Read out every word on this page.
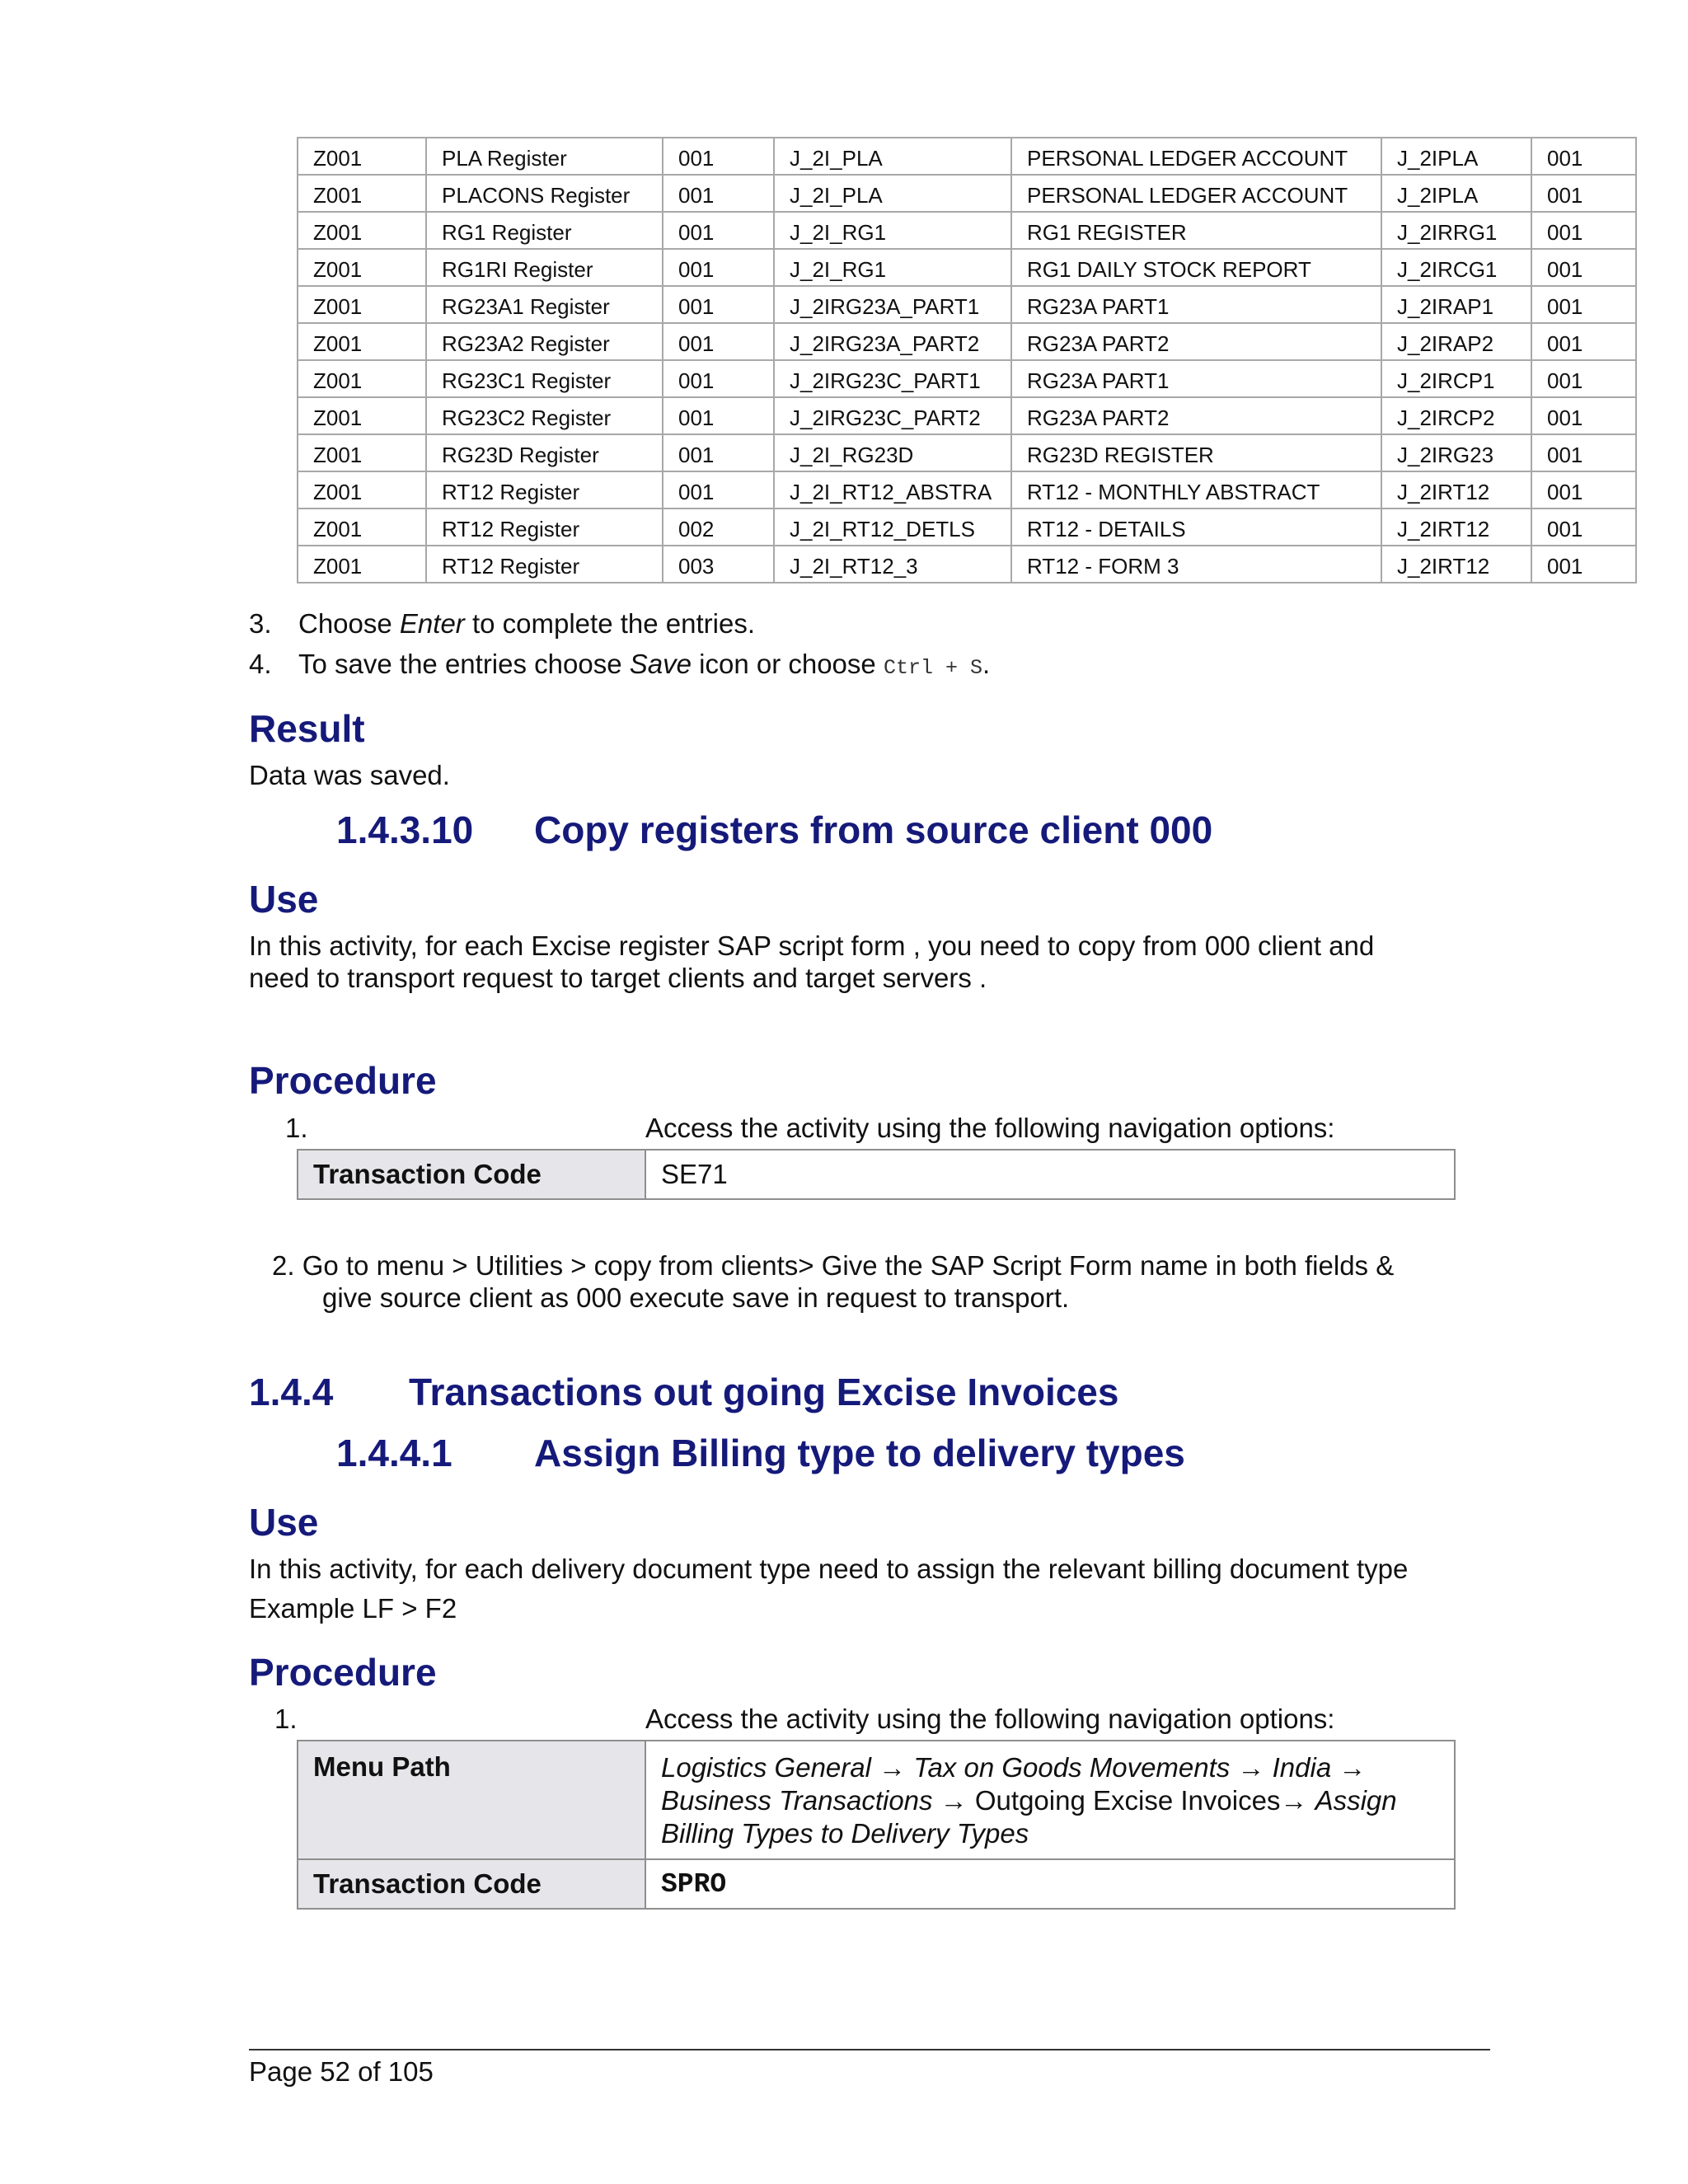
Z001	PLA Register	001	J_2I_PLA	PERSONAL LEDGER ACCOUNT	J_2IPLA	001
Z001	PLACONS Register	001	J_2I_PLA	PERSONAL LEDGER ACCOUNT	J_2IPLA	001
Z001	RG1 Register	001	J_2I_RG1	RG1 REGISTER	J_2IRRG1	001
Z001	RG1RI Register	001	J_2I_RG1	RG1 DAILY STOCK REPORT	J_2IRCG1	001
Z001	RG23A1 Register	001	J_2IRG23A_PART1	RG23A PART1	J_2IRAP1	001
Z001	RG23A2 Register	001	J_2IRG23A_PART2	RG23A PART2	J_2IRAP2	001
Z001	RG23C1 Register	001	J_2IRG23C_PART1	RG23A PART1	J_2IRCP1	001
Z001	RG23C2 Register	001	J_2IRG23C_PART2	RG23A PART2	J_2IRCP2	001
Z001	RG23D Register	001	J_2I_RG23D	RG23D REGISTER	J_2IRG23	001
Z001	RT12 Register	001	J_2I_RT12_ABSTRA	RT12 - MONTHLY ABSTRACT	J_2IRT12	001
Z001	RT12 Register	002	J_2I_RT12_DETLS	RT12 - DETAILS	J_2IRT12	001
Z001	RT12 Register	003	J_2I_RT12_3	RT12 - FORM 3	J_2IRT12	001
3. Choose Enter to complete the entries.
4. To save the entries choose Save icon or choose Ctrl + S.
Result
Data was saved.
1.4.3.10 Copy registers from source client 000
Use
In this activity, for each Excise register SAP script form , you need to copy from 000 client and
need to transport request to target clients and target servers .
Procedure
1.	Access the activity using the following navigation options:
Transaction Code	SE71
2. Go to menu > Utilities > copy from clients> Give the SAP Script Form name in both fields &
give source client as 000 execute save in request to transport.
1.4.4 Transactions out going Excise Invoices
1.4.4.1 Assign Billing type to delivery types
Use
In this activity, for each delivery document type need to assign the relevant billing document type
Example LF > F2
Procedure
1.	Access the activity using the following navigation options:
Menu Path	Logistics General → Tax on Goods Movements → India →
Business Transactions → Outgoing Excise Invoices→ Assign
Billing Types to Delivery Types
Transaction Code	SPRO
Page 52 of 105
